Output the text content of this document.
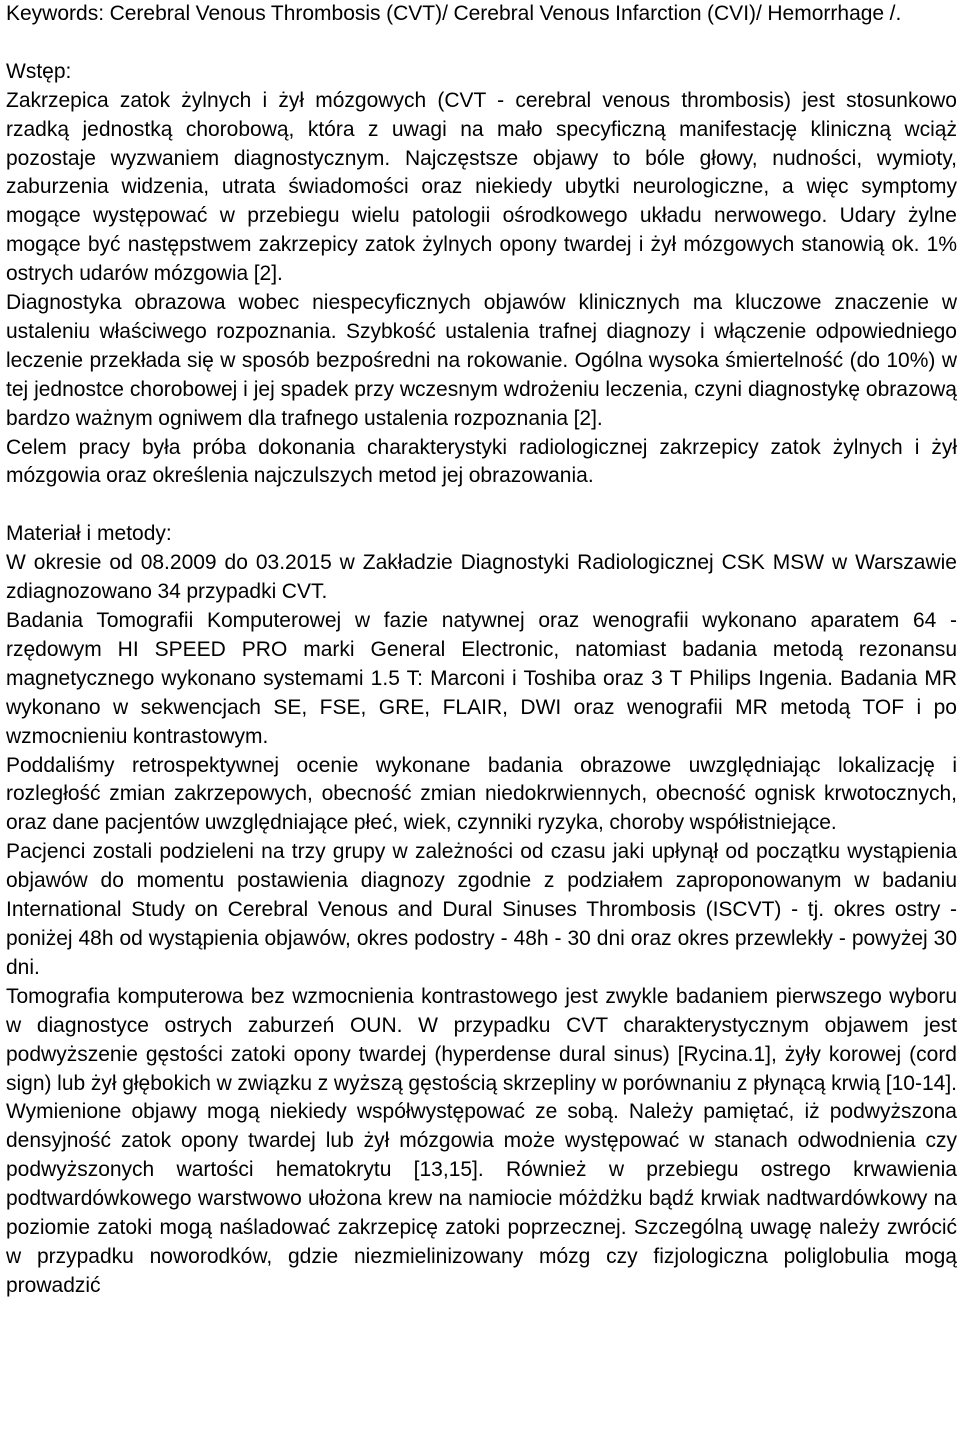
Keywords: Cerebral Venous Thrombosis (CVT)/ Cerebral Venous Infarction (CVI)/ Hemorrhage /.

Wstęp:

Zakrzepica zatok żylnych i żył mózgowych (CVT - cerebral venous thrombosis) jest stosunkowo rzadką jednostką chorobową, która z uwagi na mało specyficzną manifestację kliniczną wciąż pozostaje wyzwaniem diagnostycznym. Najczęstsze objawy to bóle głowy, nudności, wymioty, zaburzenia widzenia, utrata świadomości oraz niekiedy ubytki neurologiczne, a więc symptomy mogące występować w przebiegu wielu patologii ośrodkowego układu nerwowego. Udary żylne mogące być następstwem zakrzepicy zatok żylnych opony twardej i żył mózgowych stanowią ok. 1% ostrych udarów mózgowia [2].

Diagnostyka obrazowa wobec niespecyficznych objawów klinicznych ma kluczowe znaczenie w ustaleniu właściwego rozpoznania. Szybkość ustalenia trafnej diagnozy i włączenie odpowiedniego leczenie przekłada się w sposób bezpośredni na rokowanie. Ogólna wysoka śmiertelność (do 10%) w tej jednostce chorobowej i jej spadek przy wczesnym wdrożeniu leczenia, czyni diagnostykę obrazową bardzo ważnym ogniwem dla trafnego ustalenia rozpoznania [2].

Celem pracy była próba dokonania charakterystyki radiologicznej zakrzepicy zatok żylnych i żył mózgowia oraz określenia najczulszych metod jej obrazowania.

Materiał i metody:

W okresie od 08.2009 do 03.2015 w Zakładzie Diagnostyki Radiologicznej CSK MSW w Warszawie zdiagnozowano 34 przypadki CVT.

Badania Tomografii Komputerowej w fazie natywnej oraz wenografii wykonano aparatem 64 - rzędowym HI SPEED PRO marki General Electronic, natomiast badania metodą rezonansu magnetycznego wykonano systemami 1.5 T: Marconi i Toshiba oraz 3 T Philips Ingenia. Badania MR wykonano w sekwencjach SE, FSE, GRE, FLAIR, DWI oraz wenografii MR metodą TOF i po wzmocnieniu kontrastowym.

Poddaliśmy retrospektywnej ocenie wykonane badania obrazowe uwzględniając lokalizację i rozległość zmian zakrzepowych, obecność zmian niedokrwiennych, obecność ognisk krwotocznych, oraz dane pacjentów uwzględniające płeć, wiek, czynniki ryzyka, choroby współistniejące.

Pacjenci zostali podzieleni na trzy grupy w zależności od czasu jaki upłynął od początku wystąpienia objawów do momentu postawienia diagnozy zgodnie z podziałem zaproponowanym w badaniu International Study on Cerebral Venous and Dural Sinuses Thrombosis (ISCVT) - tj. okres ostry - poniżej 48h od wystąpienia objawów, okres podostry - 48h - 30 dni oraz okres przewlekły - powyżej 30 dni.

Tomografia komputerowa bez wzmocnienia kontrastowego jest zwykle badaniem pierwszego wyboru w diagnostyce ostrych zaburzeń OUN. W przypadku CVT charakterystycznym objawem jest podwyższenie gęstości zatoki opony twardej (hyperdense dural sinus) [Rycina.1], żyły korowej (cord sign) lub żył głębokich w związku z wyższą gęstością skrzepliny w porównaniu z płynącą krwią [10-14]. Wymienione objawy mogą niekiedy współwystępować ze sobą. Należy pamiętać, iż podwyższona densyjność zatok opony twardej lub żył mózgowia może występować w stanach odwodnienia czy podwyższonych wartości hematokrytu [13,15]. Również w przebiegu ostrego krwawienia podtwardówkowego warstwowo ułożona krew na namiocie móżdżku bądź krwiak nadtwardówkowy na poziomie zatoki mogą naśladować zakrzepicę zatoki poprzecznej. Szczególną uwagę należy zwrócić w przypadku noworodków, gdzie niezmielinizowany mózg czy fizjologiczna poliglobulia mogą prowadzić
